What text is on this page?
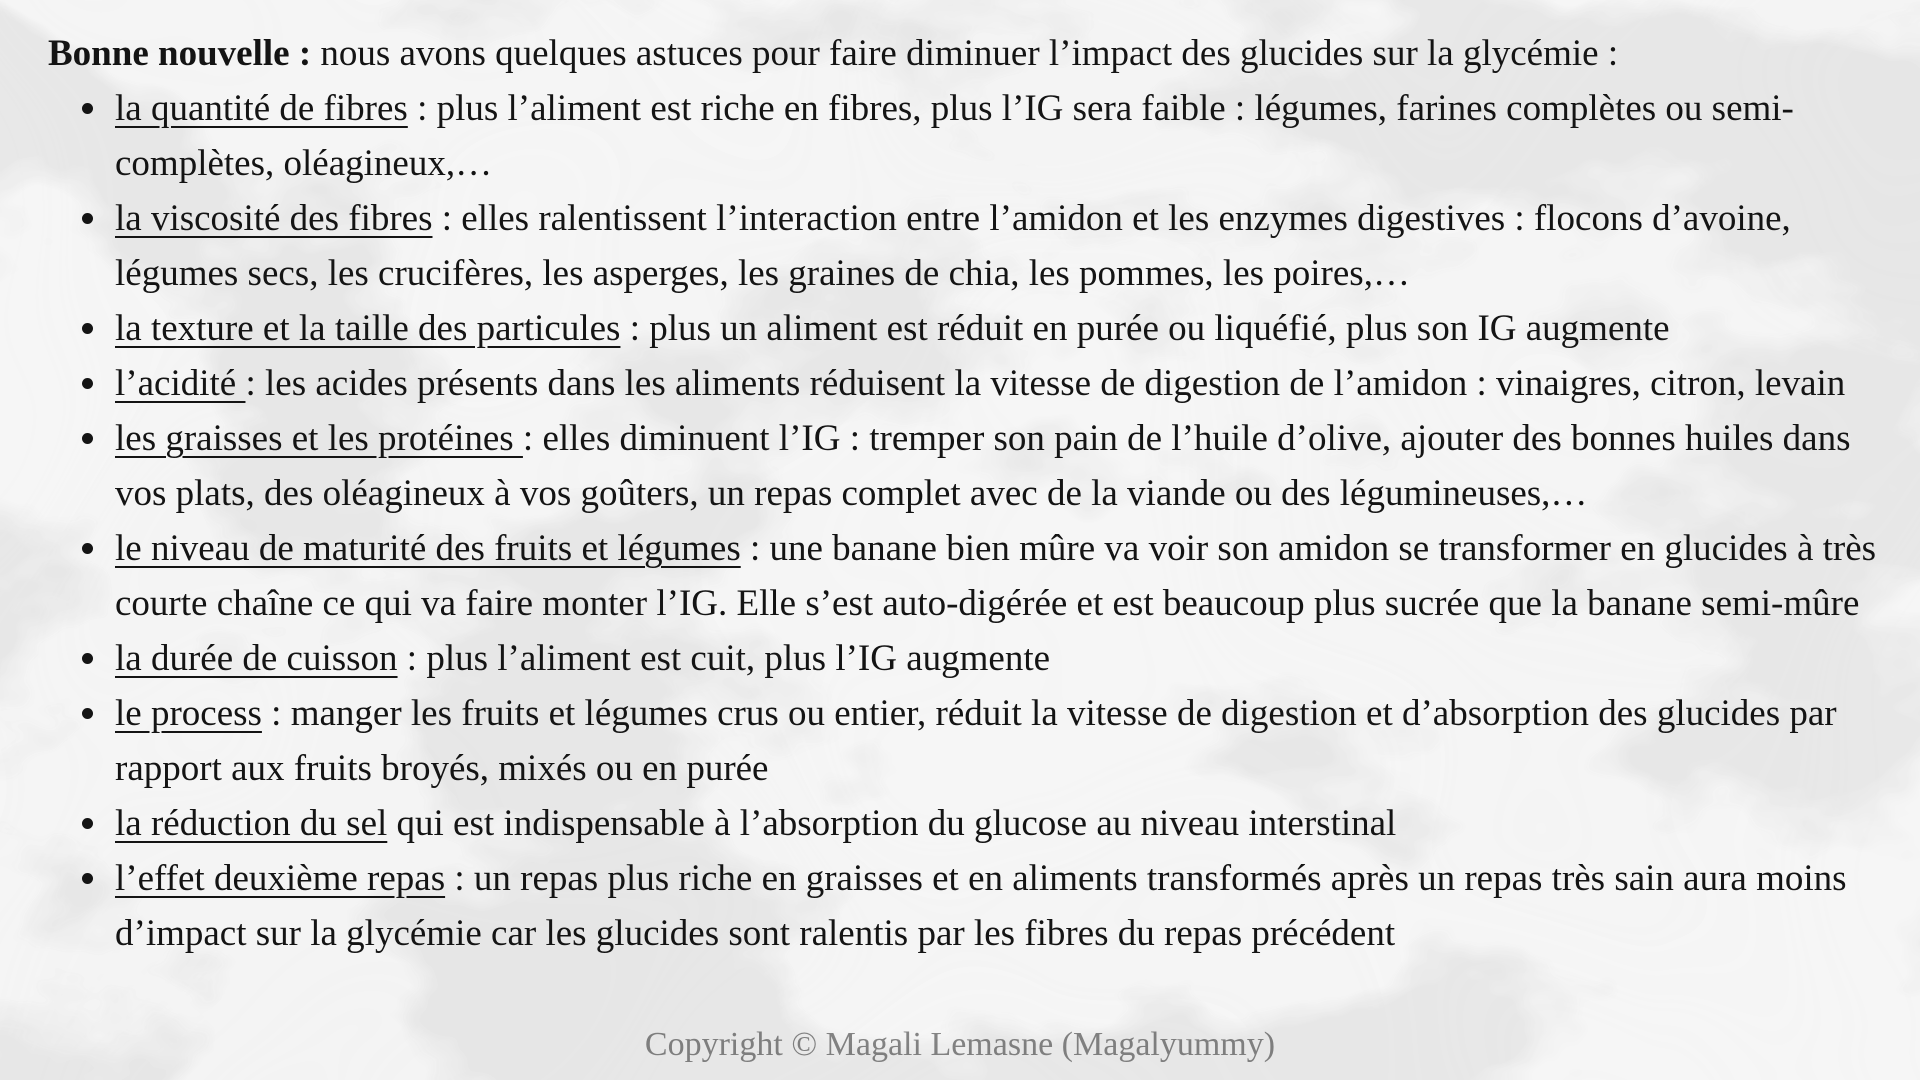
Bonne nouvelle : nous avons quelques astuces pour faire diminuer l’impact des glucides sur la glycémie :

la quantité de fibres : plus l’aliment est riche en fibres, plus l’IG sera faible : légumes, farines complètes ou semi-complètes, oléagineux,…
la viscosité des fibres : elles ralentissent l’interaction entre l’amidon et les enzymes digestives : flocons d’avoine, légumes secs, les crucifères, les asperges, les graines de chia, les pommes, les poires,…
la texture et la taille des particules : plus un aliment est réduit en purée ou liquéfié, plus son IG augmente
l’acidité : les acides présents dans les aliments réduisent la vitesse de digestion de l’amidon : vinaigres, citron, levain
les graisses et les protéines : elles diminuent l’IG : tremper son pain de l’huile d’olive, ajouter des bonnes huiles dans vos plats, des oléagineux à vos goûters, un repas complet avec de la viande ou des légumineuses,…
le niveau de maturité des fruits et légumes : une banane bien mûre va voir son amidon se transformer en glucides à très courte chaîne ce qui va faire monter l’IG. Elle s’est auto-digérée et est beaucoup plus sucrée que la banane semi-mûre
la durée de cuisson : plus l’aliment est cuit, plus l’IG augmente
le process : manger les fruits et légumes crus ou entier, réduit la vitesse de digestion et d’absorption des glucides par rapport aux fruits broyés, mixés ou en purée
la réduction du sel qui est indispensable à l’absorption du glucose au niveau interstinal
l’effet deuxième repas : un repas plus riche en graisses et en aliments transformés après un repas très sain aura moins d’impact sur la glycémie car les glucides sont ralentis par les fibres du repas précédent
Copyright © Magali Lemasne (Magalyummy)
